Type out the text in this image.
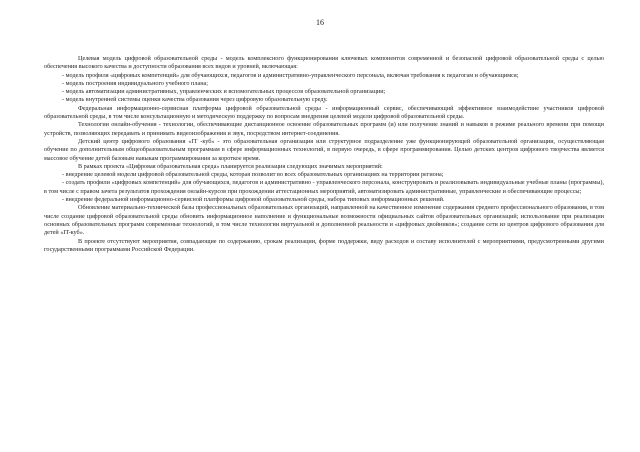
16

Целевая модель цифровой образовательной среды - модель комплексного функционирования ключевых компонентов современной и безопасной цифровой образовательной среды с целью обеспечения высокого качества и доступности образования всех видов и уровней, включающая:

- модель профиля «цифровых компетенций» для обучающихся, педагогов и административно-управленческого персонала, включая требования к педагогам и обучающимся;

- модель построения индивидуального учебного плана;

- модель автоматизации административных, управленческих и вспомогательных процессов образовательной организации;

- модель внутренней системы оценки качества образования через цифровую образовательную среду.

Федеральная информационно-сервисная платформа цифровой образовательной среды - информационный сервис, обеспечивающий эффективное взаимодействие участников цифровой образовательной среды, в том числе консультационную и методическую поддержку по вопросам внедрения целевой модели цифровой образовательной среды.

Технологии онлайн-обучения - технологии, обеспечивающие дистанционное освоение образовательных программ (и) или получение знаний и навыков в режиме реального времени при помощи устройств, позволяющих передавать и принимать видеоизображения и звук, посредством интернет-соединения.

Детский центр цифрового образования «IT -куб» - это образовательная организация или структурное подразделение уже функционирующей образовательной организации, осуществляющая обучение по дополнительным общеобразовательным программам в сфере информационных технологий, в первую очередь, в сфере программирования. Целью детских центров цифрового творчества является массовое обучение детей базовым навыкам программирования за короткое время.

В рамках проекта «Цифровая образовательная среда» планируется реализация следующих значимых мероприятий:

- внедрение целевой модели цифровой образовательной среды, которая позволит во всех образовательных организациях на территории региона;

- создать профили «цифровых компетенций» для обучающихся, педагогов и административно - управленческого персонала, конструировать и реализовывать индивидуальные учебные планы (программы), в том числе с правом зачета результатов прохождения онлайн-курсов при прохождении аттестационных мероприятий, автоматизировать административные, управленческие и обеспечивающие процессы;

- внедрение федеральной информационно-сервисной платформы цифровой образовательной среды, набора типовых информационных решений.

Обновление материально-технической базы профессиональных образовательных организаций, направленной на качественное изменение содержания среднего профессионального образования, в том числе создание цифровой образовательной среды обновить информационное наполнение и функциональные возможности официальных сайтов образовательных организаций; использование при реализации основных образовательных программ современные технологий, в том числе технологии виртуальной и дополненной реальности и «цифровых двойников»; создание сети из центров цифрового образования для детей «IT-куб».

В проекте отсутствуют мероприятия, совпадающие по содержанию, срокам реализации, форме поддержки, виду расходов и составу исполнителей с мероприятиями, предусмотренными другими государственными программами Российской Федерации.
